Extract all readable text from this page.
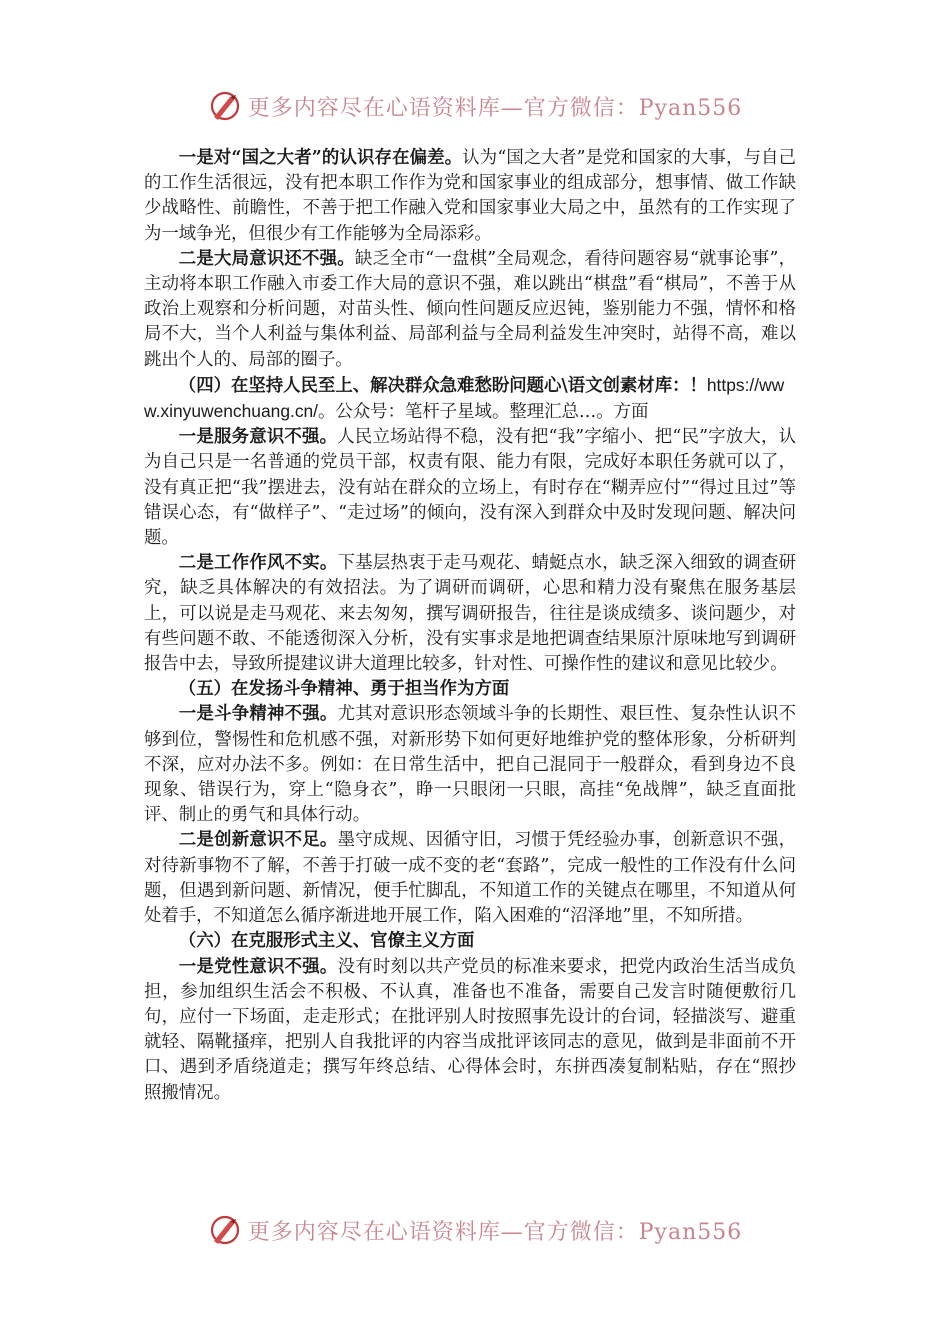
更多内容尽在心语资料库—官方微信：Pyan556

一是对“国之大者”的认识存在偏差。认为“国之大者”是党和国家的大事，与自己的工作生活很远，没有把本职工作作为党和国家事业的组成部分，想事情、做工作缺少战略性、前瞻性，不善于把工作融入党和国家事业大局之中，虽然有的工作实现了为一域争光，但很少有工作能够为全局添彩。

二是大局意识还不强。缺乏全市“一盘棋”全局观念，看待问题容易“就事论事”，主动将本职工作融入市委工作大局的意识不强，难以跳出“棋盘”看“棋局”，不善于从政治上观察和分析问题，对苗头性、倾向性问题反应迟钝，鉴别能力不强，情怀和格局不大，当个人利益与集体利益、局部利益与全局利益发生冲突时，站得不高，难以跳出个人的、局部的圈子。

（四）在坚持人民至上、解决群众急难愁盼问题心\语文创素材库：！https://www.xinyuwenchuang.cn/。公众号：笔杆子星域。整理汇总…。方面

一是服务意识不强。人民立场站得不稳，没有把“我”字缩小、把“民”字放大，认为自己只是一名普通的党员干部，权责有限、能力有限，完成好本职任务就可以了，没有真正把“我”摆进去，没有站在群众的立场上，有时存在“糊弄应付”“得过且过”等错误心态，有“做样子”、“走过场”的倾向，没有深入到群众中及时发现问题、解决问题。

二是工作作风不实。下基层热衷于走马观花、蜻蜓点水，缺乏深入细致的调查研究，缺乏具体解决的有效招法。为了调研而调研，心思和精力没有聚焦在服务基层上，可以说是走马观花、来去匆匆，撰写调研报告，往往是谈成绩多、谈问题少，对有些问题不敢、不能透彻深入分析，没有实事求是地把调查结果原汁原味地写到调研报告中去，导致所提建议讲大道理比较多，针对性、可操作性的建议和意见比较少。

（五）在发扬斗争精神、勇于担当作为方面

一是斗争精神不强。尤其对意识形态领域斗争的长期性、艰巨性、复杂性认识不够到位，警惕性和危机感不强，对新形势下如何更好地维护党的整体形象，分析研判不深，应对办法不多。例如：在日常生活中，把自己混同于一般群众，看到身边不良现象、错误行为，穿上“隐身衣”，睁一只眼闭一只眼，高挂“免战牌”，缺乏直面批评、制止的勇气和具体行动。

二是创新意识不足。墨守成规、因循守旧，习惯于凭经验办事，创新意识不强，对待新事物不了解，不善于打破一成不变的老“套路”，完成一般性的工作没有什么问题，但遇到新问题、新情况，便手忙脚乱，不知道工作的关键点在哪里，不知道从何处着手，不知道怎么循序渐进地开展工作，陷入困难的“沼泽地”里，不知所措。

（六）在克服形式主义、官僚主义方面

一是党性意识不强。没有时刻以共产党员的标准来要求，把党内政治生活当成负担，参加组织生活会不积极、不认真，准备也不准备，需要自己发言时随便敷衍几句，应付一下场面，走走形式；在批评别人时按照事先设计的台词，轻描淡写、避重就轻、隔靴搔痒，把别人自我批评的内容当成批评该同志的意见，做到是非面前不开口、遇到矛盾绕道走；撰写年终总结、心得体会时，东拼西凑复制粘贴，存在“照抄照搬情况。

更多内容尽在心语资料库—官方微信：Pyan556
